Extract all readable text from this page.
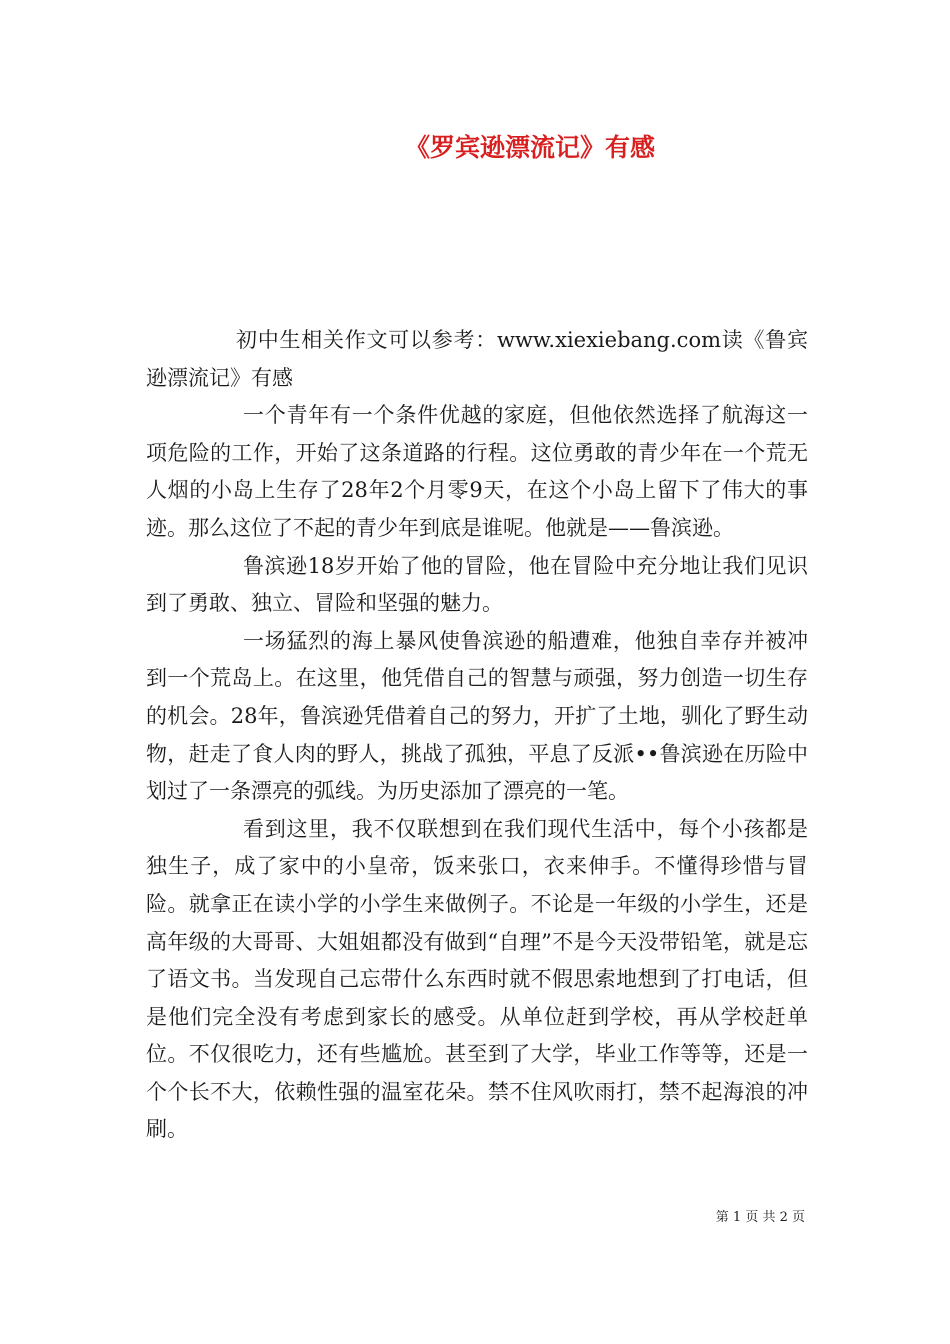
《罗宾逊漂流记》有感

初中生相关作文可以参考：www.xiexiebang.com读《鲁宾逊漂流记》有感

一个青年有一个条件优越的家庭，但他依然选择了航海这一项危险的工作，开始了这条道路的行程。这位勇敢的青少年在一个荒无人烟的小岛上生存了28年2个月零9天，在这个小岛上留下了伟大的事迹。那么这位了不起的青少年到底是谁呢。他就是——鲁滨逊。

鲁滨逊18岁开始了他的冒险，他在冒险中充分地让我们见识到了勇敢、独立、冒险和坚强的魅力。

一场猛烈的海上暴风使鲁滨逊的船遭难，他独自幸存并被冲到一个荒岛上。在这里，他凭借自己的智慧与顽强，努力创造一切生存的机会。28年，鲁滨逊凭借着自己的努力，开扩了土地，驯化了野生动物，赶走了食人肉的野人，挑战了孤独，平息了反派••鲁滨逊在历险中划过了一条漂亮的弧线。为历史添加了漂亮的一笔。

看到这里，我不仅联想到在我们现代生活中，每个小孩都是独生子，成了家中的小皇帝，饭来张口，衣来伸手。不懂得珍惜与冒险。就拿正在读小学的小学生来做例子。不论是一年级的小学生，还是高年级的大哥哥、大姐姐都没有做到“自理”不是今天没带铅笔，就是忘了语文书。当发现自己忘带什么东西时就不假思索地想到了打电话，但是他们完全没有考虑到家长的感受。从单位赶到学校，再从学校赶单位。不仅很吃力，还有些尴尬。甚至到了大学，毕业工作等等，还是一个个长不大，依赖性强的温室花朵。禁不住风吹雨打，禁不起海浪的冲刷。

第 1 页 共 2 页
